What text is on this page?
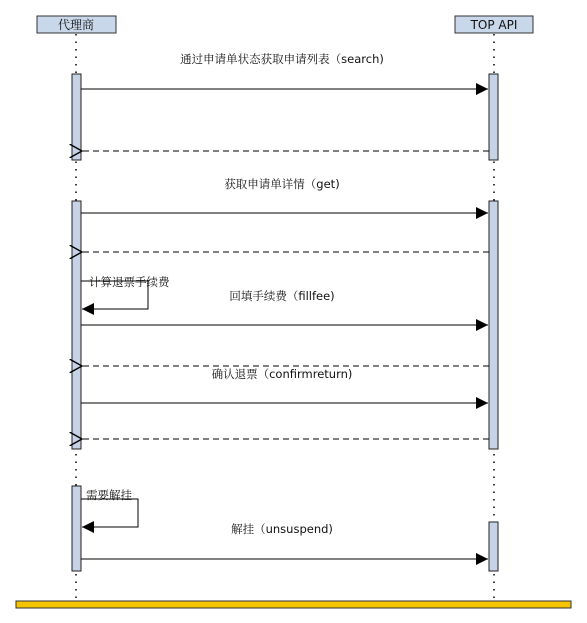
代理商	TOP API
通过申请单状态获取申请列表（search)
获取申请单详情（get)
计算退票手续费
回填手续费（fillfee)
确认退票（confirmreturn)
需要解挂
解挂（unsuspend)
